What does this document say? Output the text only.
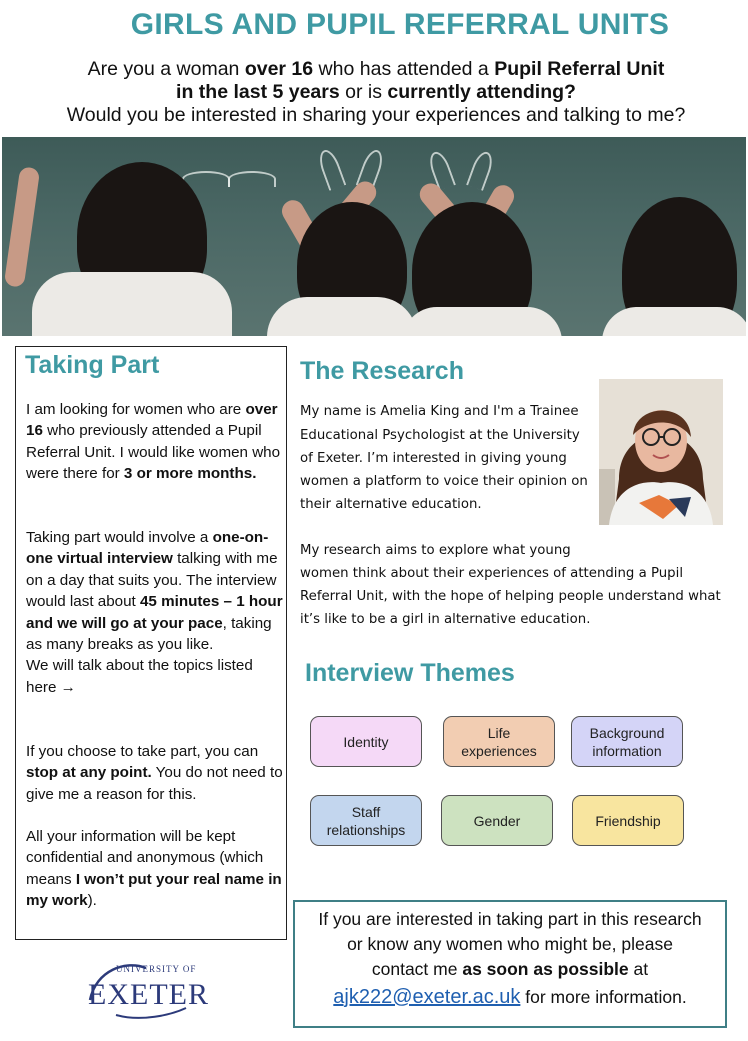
GIRLS AND PUPIL REFERRAL UNITS
Are you a woman over 16 who has attended a Pupil Referral Unit
in the last 5 years or is currently attending?
Would you be interested in sharing your experiences and talking to me?
Taking Part
I am looking for women who are over 16 who previously attended a Pupil Referral Unit. I would like women who were there for 3 or more months.
Taking part would involve a one-on-one virtual interview talking with me on a day that suits you. The interview would last about 45 minutes – 1 hour and we will go at your pace, taking as many breaks as you like.
We will talk about the topics listed here →
If you choose to take part, you can stop at any point. You do not need to give me a reason for this.
All your information will be kept confidential and anonymous (which means I won’t put your real name in my work).
UNIVERSITY OF
EXETER
The Research
My name is Amelia King and I'm a Trainee
Educational Psychologist at the University
of Exeter. I’m interested in giving young
women a platform to voice their opinion on
their alternative education.
My research aims to explore what young
women think about their experiences of attending a Pupil
Referral Unit, with the hope of helping people understand what
it’s like to be a girl in alternative education.
Interview Themes
Identity
Life experiences
Background information
Staff relationships
Gender	Friendship
If you are interested in taking part in this research
or know any women who might be, please
contact me as soon as possible at
ajk222@exeter.ac.uk for more information.
